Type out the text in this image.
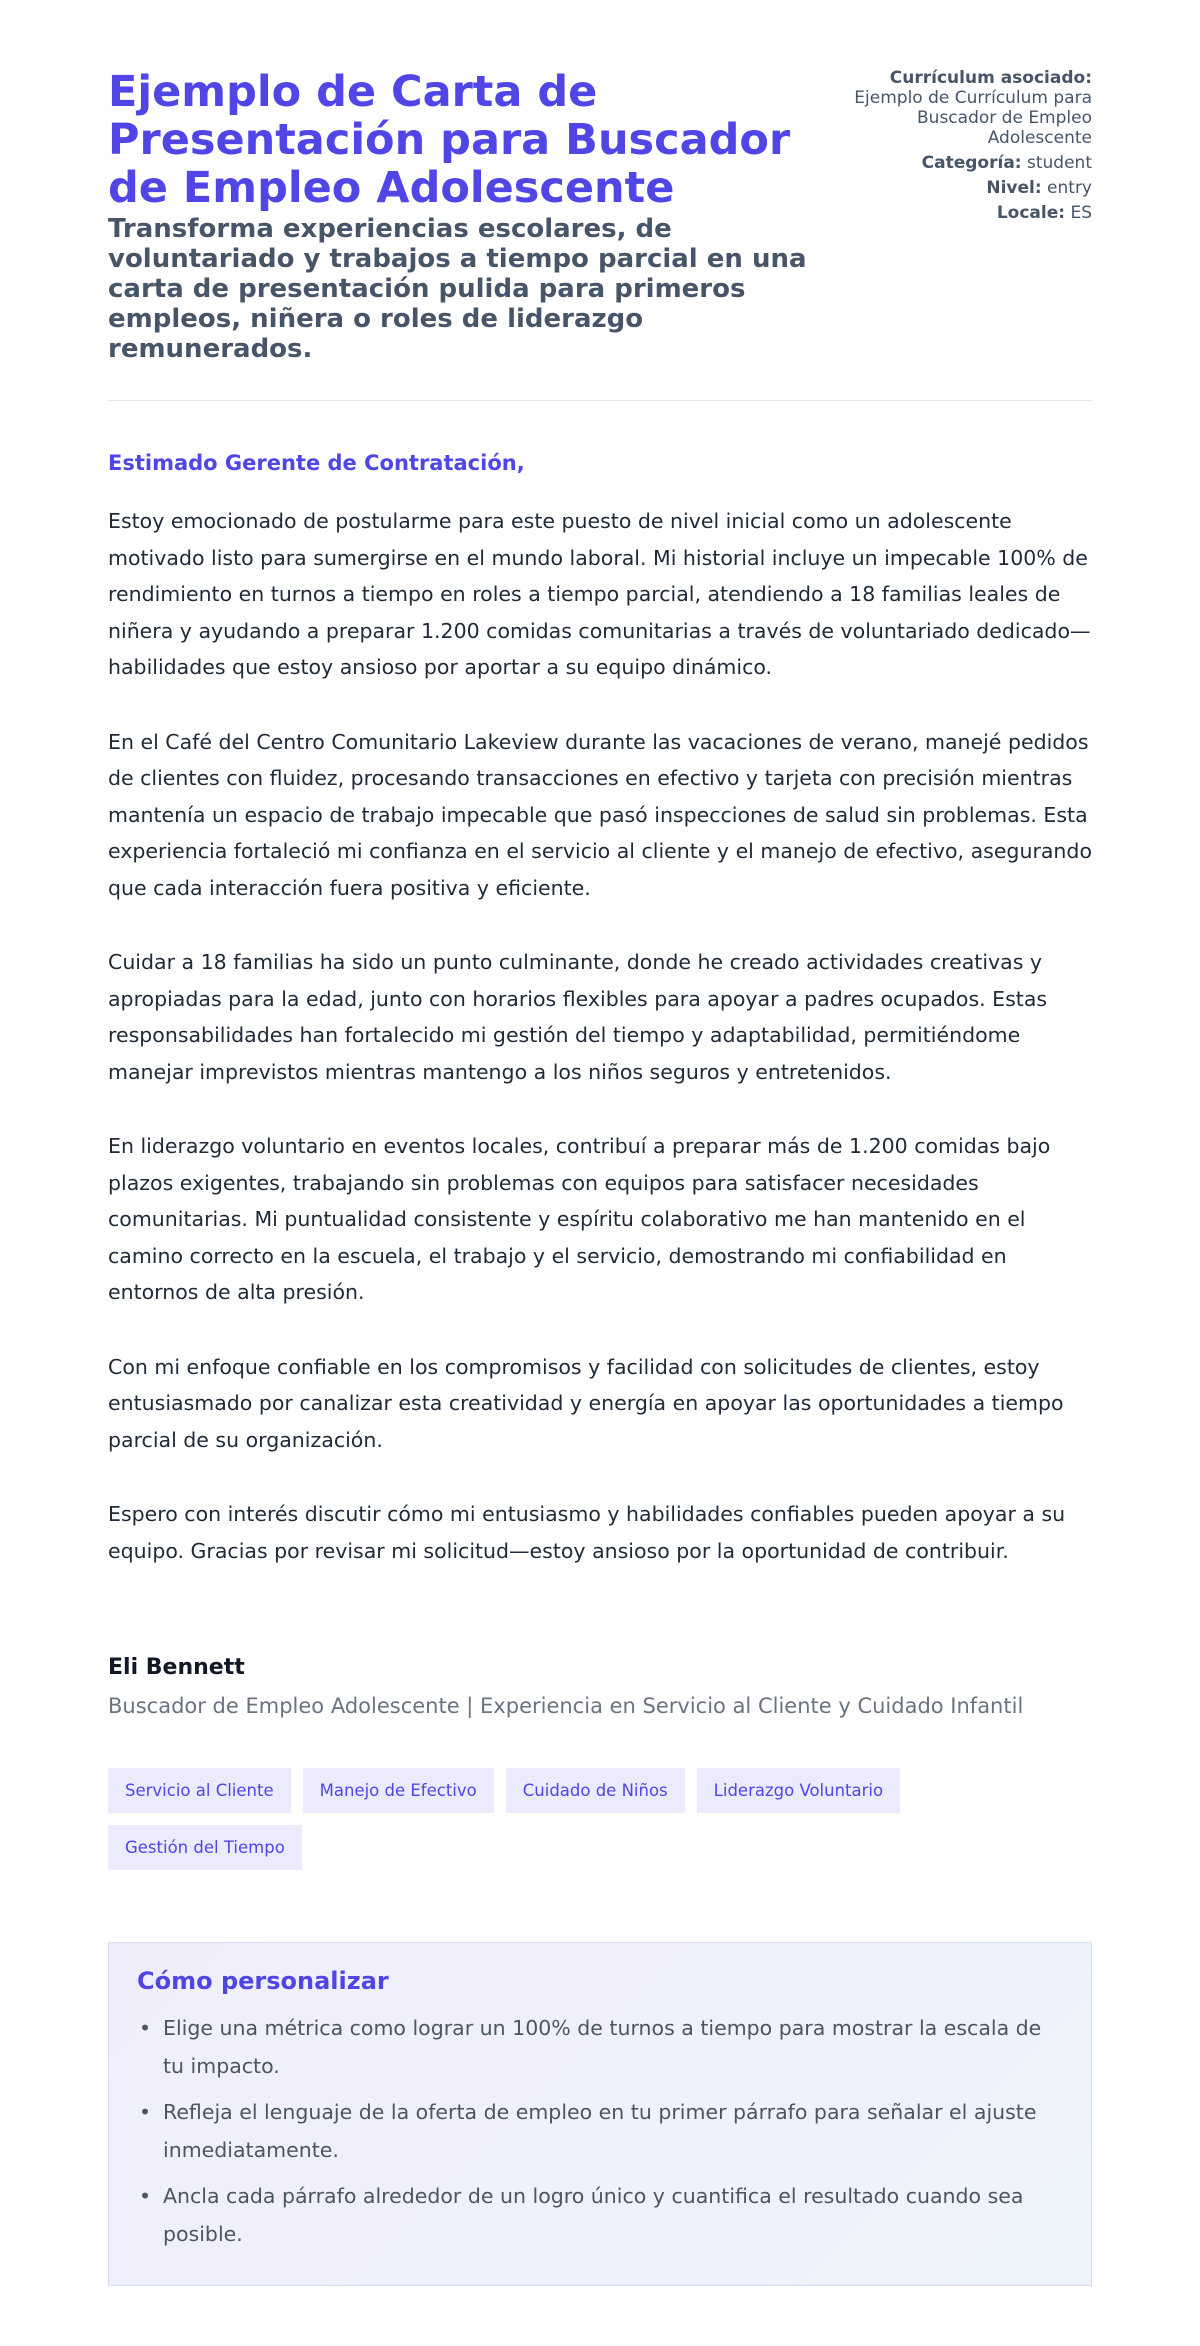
Ejemplo de Carta de Presentación para Buscador de Empleo Adolescente
Transforma experiencias escolares, de voluntariado y trabajos a tiempo parcial en una carta de presentación pulida para primeros empleos, niñera o roles de liderazgo remunerados.
Currículum asociado:
Ejemplo de Currículum para Buscador de Empleo Adolescente
Categoría: student
Nivel: entry
Locale: ES

Estimado Gerente de Contratación,

Estoy emocionado de postularme para este puesto de nivel inicial como un adolescente motivado listo para sumergirse en el mundo laboral. Mi historial incluye un impecable 100% de rendimiento en turnos a tiempo en roles a tiempo parcial, atendiendo a 18 familias leales de niñera y ayudando a preparar 1.200 comidas comunitarias a través de voluntariado dedicado—habilidades que estoy ansioso por aportar a su equipo dinámico.

En el Café del Centro Comunitario Lakeview durante las vacaciones de verano, manejé pedidos de clientes con fluidez, procesando transacciones en efectivo y tarjeta con precisión mientras mantenía un espacio de trabajo impecable que pasó inspecciones de salud sin problemas. Esta experiencia fortaleció mi confianza en el servicio al cliente y el manejo de efectivo, asegurando que cada interacción fuera positiva y eficiente.

Cuidar a 18 familias ha sido un punto culminante, donde he creado actividades creativas y apropiadas para la edad, junto con horarios flexibles para apoyar a padres ocupados. Estas responsabilidades han fortalecido mi gestión del tiempo y adaptabilidad, permitiéndome manejar imprevistos mientras mantengo a los niños seguros y entretenidos.

En liderazgo voluntario en eventos locales, contribuí a preparar más de 1.200 comidas bajo plazos exigentes, trabajando sin problemas con equipos para satisfacer necesidades comunitarias. Mi puntualidad consistente y espíritu colaborativo me han mantenido en el camino correcto en la escuela, el trabajo y el servicio, demostrando mi confiabilidad en entornos de alta presión.

Con mi enfoque confiable en los compromisos y facilidad con solicitudes de clientes, estoy entusiasmado por canalizar esta creatividad y energía en apoyar las oportunidades a tiempo parcial de su organización.

Espero con interés discutir cómo mi entusiasmo y habilidades confiables pueden apoyar a su equipo. Gracias por revisar mi solicitud—estoy ansioso por la oportunidad de contribuir.

Eli Bennett
Buscador de Empleo Adolescente | Experiencia en Servicio al Cliente y Cuidado Infantil
Servicio al Cliente	Manejo de Efectivo	Cuidado de Niños	Liderazgo Voluntario
Gestión del Tiempo
Cómo personalizar
• Elige una métrica como lograr un 100% de turnos a tiempo para mostrar la escala de tu impacto.
• Refleja el lenguaje de la oferta de empleo en tu primer párrafo para señalar el ajuste inmediatamente.
• Ancla cada párrafo alrededor de un logro único y cuantifica el resultado cuando sea posible.
